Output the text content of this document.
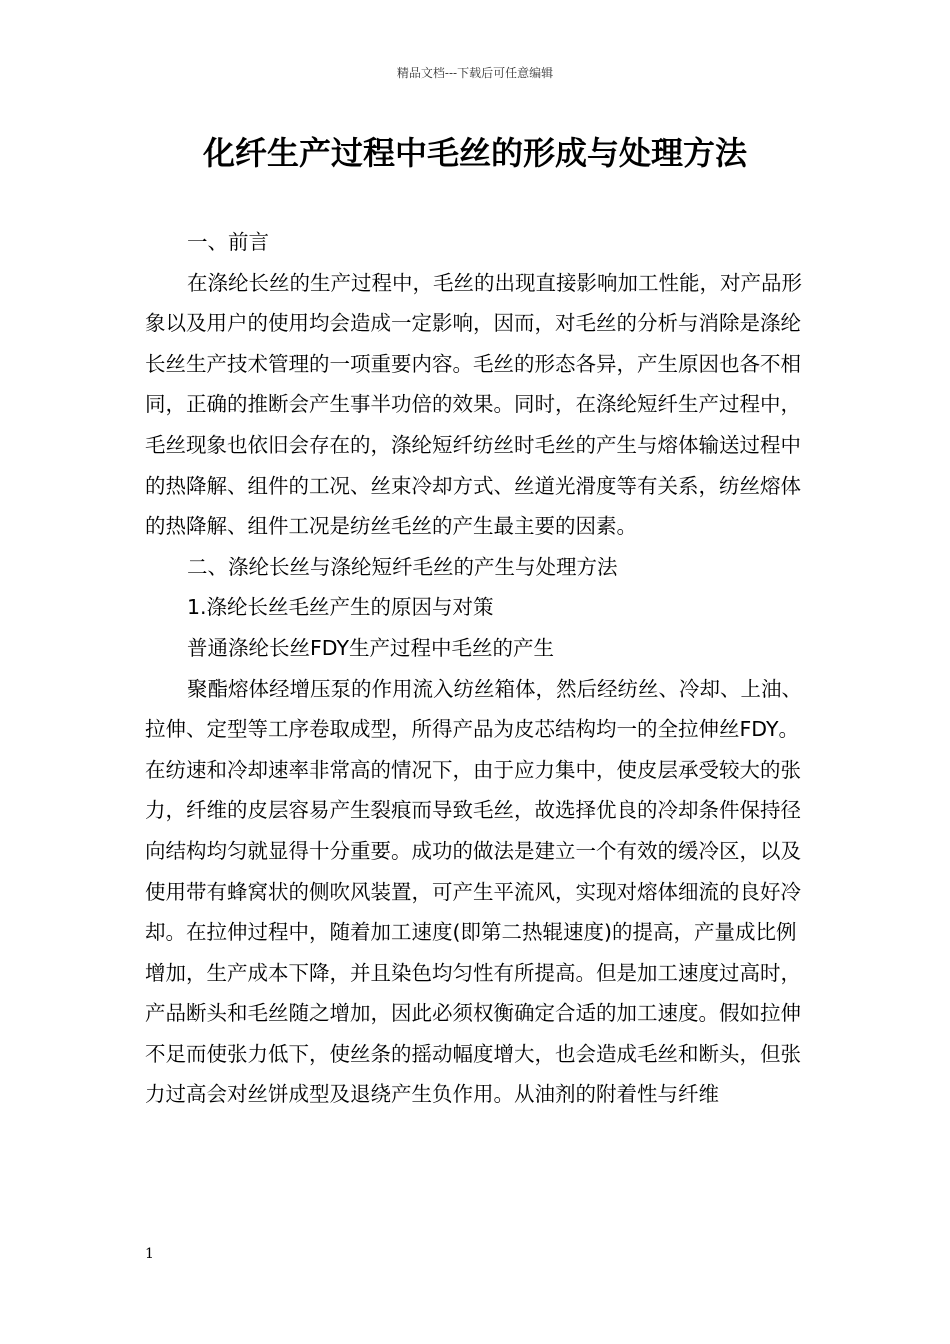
精品文档---下载后可任意编辑
化纤生产过程中毛丝的形成与处理方法

一、前言

在涤纶长丝的生产过程中，毛丝的出现直接影响加工性能，对产品形象以及用户的使用均会造成一定影响，因而，对毛丝的分析与消除是涤纶长丝生产技术管理的一项重要内容。毛丝的形态各异，产生原因也各不相同，正确的推断会产生事半功倍的效果。同时，在涤纶短纤生产过程中，毛丝现象也依旧会存在的，涤纶短纤纺丝时毛丝的产生与熔体输送过程中的热降解、组件的工况、丝束冷却方式、丝道光滑度等有关系，纺丝熔体的热降解、组件工况是纺丝毛丝的产生最主要的因素。

二、涤纶长丝与涤纶短纤毛丝的产生与处理方法

1.涤纶长丝毛丝产生的原因与对策

普通涤纶长丝FDY生产过程中毛丝的产生

聚酯熔体经增压泵的作用流入纺丝箱体，然后经纺丝、冷却、上油、拉伸、定型等工序卷取成型，所得产品为皮芯结构均一的全拉伸丝FDY。在纺速和冷却速率非常高的情况下，由于应力集中，使皮层承受较大的张力，纤维的皮层容易产生裂痕而导致毛丝，故选择优良的冷却条件保持径向结构均匀就显得十分重要。成功的做法是建立一个有效的缓冷区，以及使用带有蜂窝状的侧吹风装置，可产生平流风，实现对熔体细流的良好冷却。在拉伸过程中，随着加工速度(即第二热辊速度)的提高，产量成比例增加，生产成本下降，并且染色均匀性有所提高。但是加工速度过高时，产品断头和毛丝随之增加，因此必须权衡确定合适的加工速度。假如拉伸不足而使张力低下，使丝条的摇动幅度增大，也会造成毛丝和断头，但张力过高会对丝饼成型及退绕产生负作用。从油剂的附着性与纤维

1
